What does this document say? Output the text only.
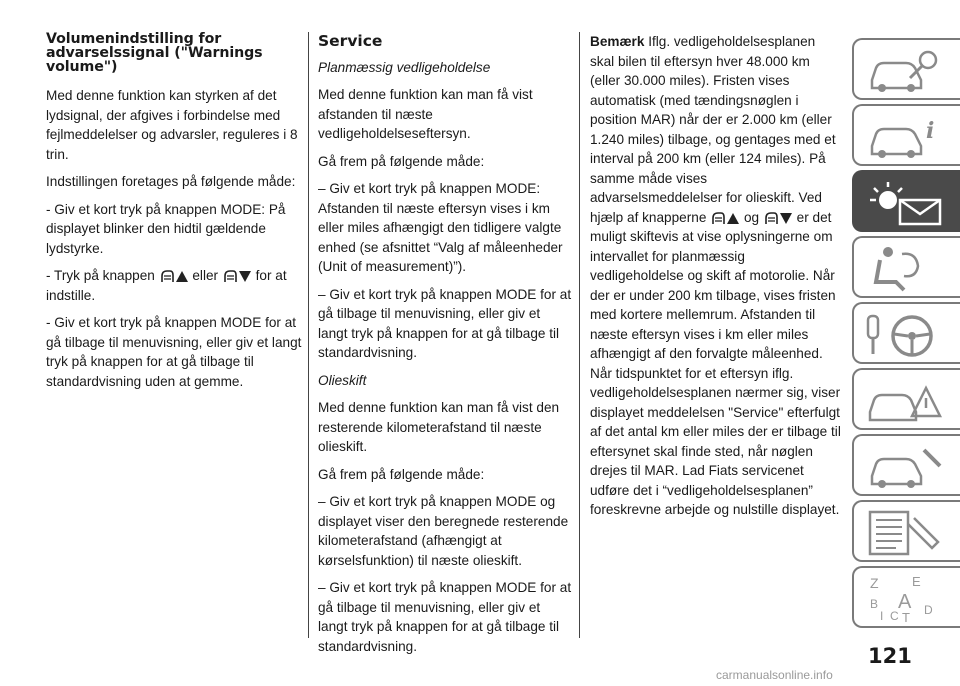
Volumenindstilling for advarselssignal ("Warnings volume")

Med denne funktion kan styrken af det lydsignal, der afgives i forbindelse med fejlmeddelelser og advarsler, reguleres i 8 trin.

Indstillingen foretages på følgende måde:

- Giv et kort tryk på knappen MODE: På displayet blinker den hidtil gældende lydstyrke.

- Tryk på knappen	eller	for at indstille.

- Giv et kort tryk på knappen MODE for at gå tilbage til menuvisning, eller giv et langt tryk på knappen for at gå tilbage til standardvisning uden at gemme.

Service

Planmæssig vedligeholdelse

Med denne funktion kan man få vist afstanden til næste vedligeholdelseseftersyn.

Gå frem på følgende måde:

– Giv et kort tryk på knappen MODE: Afstanden til næste eftersyn vises i km eller miles afhængigt den tidligere valgte enhed (se afsnittet “Valg af måleenheder (Unit of measurement)”).

– Giv et kort tryk på knappen MODE for at gå tilbage til menuvisning, eller giv et langt tryk på knappen for at gå tilbage til standardvisning.

Olieskift

Med denne funktion kan man få vist den resterende kilometerafstand til næste olieskift.

Gå frem på følgende måde:

– Giv et kort tryk på knappen MODE og displayet viser den beregnede resterende kilometerafstand (afhængigt at kørselsfunktion) til næste olieskift.

– Giv et kort tryk på knappen MODE for at gå tilbage til menuvisning, eller giv et langt tryk på knappen for at gå tilbage til standardvisning.

Bemærk Iflg. vedligeholdelsesplanen skal bilen til eftersyn hver 48.000 km (eller 30.000 miles). Fristen vises automatisk (med tændingsnøglen i position MAR) når der er 2.000 km (eller 1.240 miles) tilbage, og gentages med et interval på 200 km (eller 124 miles). På samme måde vises advarselsmeddelelser for olieskift. Ved hjælp af knapperne	og	er det muligt skiftevis at vise oplysningerne om intervallet for planmæssig vedligeholdelse og skift af motorolie. Når der er under 200 km tilbage, vises fristen med kortere mellemrum. Afstanden til næste eftersyn vises i km eller miles afhængigt af den forvalgte måleenhed. Når tidspunktet for et eftersyn iflg. vedligeholdelsesplanen nærmer sig, viser displayet meddelelsen "Service" efterfulgt af det antal km eller miles der er tilbage til eftersynet skal finde sted, når nøglen drejes til MAR. Lad Fiats servicenet udføre det i “vedligeholdelsesplanen” foreskrevne arbejde og nulstille displayet.

i
Z	E
B A D
I C T
121
carmanualsonline.info
